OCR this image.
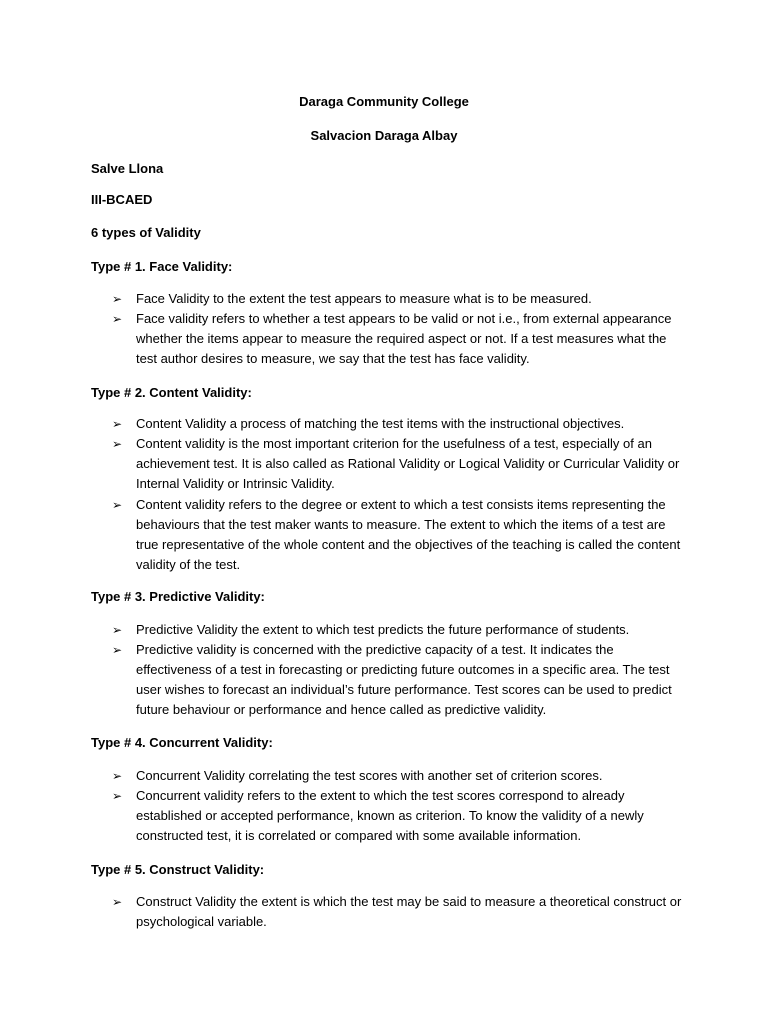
Daraga Community College
Salvacion Daraga Albay
Salve Llona
III-BCAED
6 types of Validity
Type # 1. Face Validity:
➢ Face Validity to the extent the test appears to measure what is to be measured.
➢ Face validity refers to whether a test appears to be valid or not i.e., from external appearance
whether the items appear to measure the required aspect or not. If a test measures what the
test author desires to measure, we say that the test has face validity.
Type # 2. Content Validity:
➢ Content Validity a process of matching the test items with the instructional objectives.
➢ Content validity is the most important criterion for the usefulness of a test, especially of an
achievement test. It is also called as Rational Validity or Logical Validity or Curricular Validity or
Internal Validity or Intrinsic Validity.
➢ Content validity refers to the degree or extent to which a test consists items representing the
behaviours that the test maker wants to measure. The extent to which the items of a test are
true representative of the whole content and the objectives of the teaching is called the content
validity of the test.
Type # 3. Predictive Validity:
➢ Predictive Validity the extent to which test predicts the future performance of students.
➢ Predictive validity is concerned with the predictive capacity of a test. It indicates the
effectiveness of a test in forecasting or predicting future outcomes in a specific area. The test
user wishes to forecast an individual’s future performance. Test scores can be used to predict
future behaviour or performance and hence called as predictive validity.
Type # 4. Concurrent Validity:
➢ Concurrent Validity correlating the test scores with another set of criterion scores.
➢ Concurrent validity refers to the extent to which the test scores correspond to already
established or accepted performance, known as criterion. To know the validity of a newly
constructed test, it is correlated or compared with some available information.
Type # 5. Construct Validity:
➢ Construct Validity the extent is which the test may be said to measure a theoretical construct or
psychological variable.
